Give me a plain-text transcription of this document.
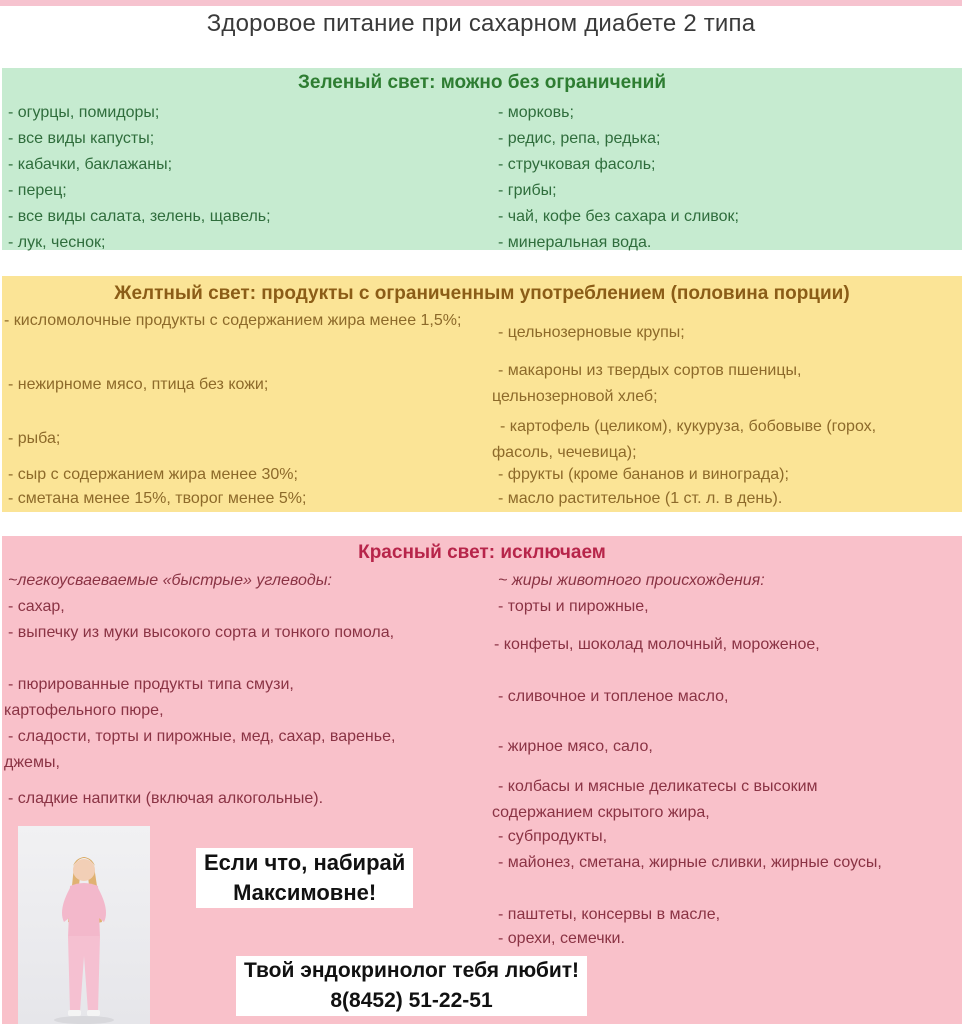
Здоровое питание при сахарном диабете 2 типа
Зеленый свет: можно без ограничений
- огурцы, помидоры;
- все виды капусты;
- кабачки, баклажаны;
- перец;
- все виды салата, зелень, щавель;
- лук, чеснок;
- морковь;
- редис, репа, редька;
- стручковая фасоль;
- грибы;
- чай, кофе без сахара и сливок;
- минеральная вода.
Желтный свет: продукты с ограниченным употреблением (половина порции)
- кисломолочные продукты с содержанием жира менее 1,5%;
- нежирноме мясо, птица без кожи;
- рыба;
- сыр с содержанием жира менее 30%;
- сметана менее 15%, творог менее 5%;
- цельнозерновые крупы;
- макароны из твердых сортов пшеницы, цельнозерновой хлеб;
- картофель (целиком), кукуруза, бобовыве (горох, фасоль, чечевица);
- фрукты (кроме бананов и винограда);
- масло растительное (1 ст. л. в день).
Красный свет: исключаем
~легкоусваеваемые «быстрые» углеводы:
- сахар,
- выпечку из муки высокого сорта и тонкого помола,
- пюрированные продукты типа смузи, картофельного пюре,
- сладости, торты и пирожные, мед, сахар, варенье, джемы,
- сладкие напитки (включая алкогольные).
~ жиры животного происхождения:
- торты и пирожные,
- конфеты, шоколад молочный, мороженое,
- сливочное и топленое масло,
- жирное мясо, сало,
- колбасы и мясные деликатесы с высоким содержанием скрытого жира,
- субпродукты,
- майонез, сметана, жирные сливки, жирные соусы,
- паштеты, консервы в масле,
- орехи, семечки.
Если что, набирай
Максимовне!
Твой эндокринолог тебя любит!
8(8452) 51-22-51
